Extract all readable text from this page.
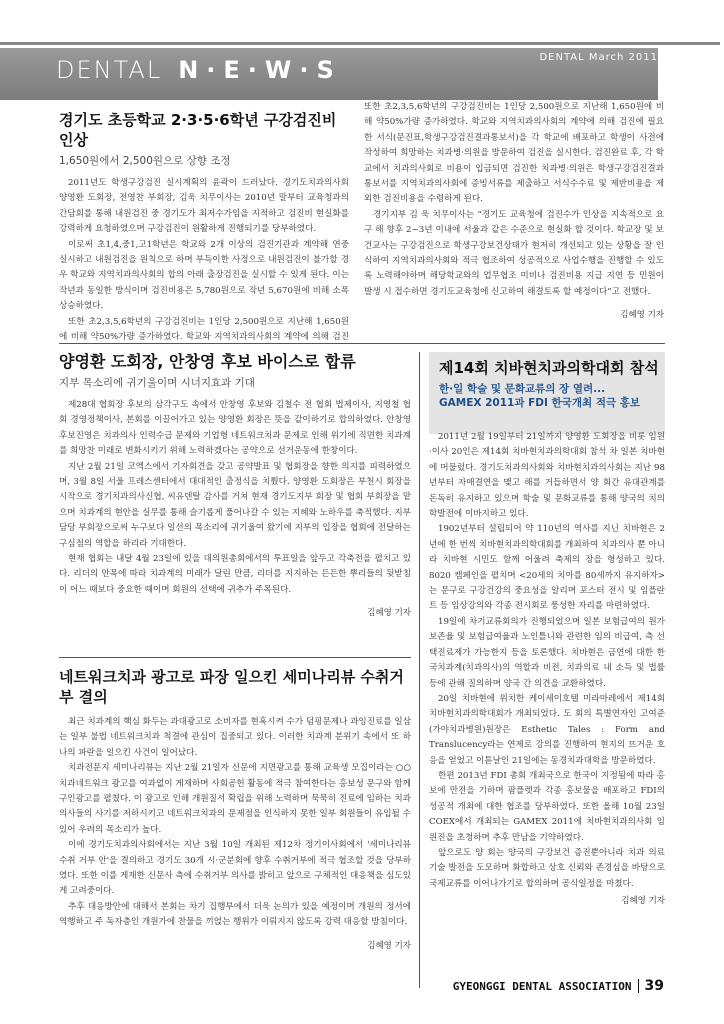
DENTAL March 2011
DENTAL N·E·W·S
경기도 초등학교 2·3·5·6학년 구강검진비 인상
1,650원에서 2,500원으로 상향 조정

2011년도 학생구강검진 실시계획의 윤곽이 드러났다. 경기도치과의사회 양영환 도회장, 전영찬 부회장, 김욱 치무이사는 2010년 말부터 교육청과의 간담회를 통해 내원검진 중 경기도가 최저수가임을 지적하고 검진비 현실화를 강력하게 요청하였으며 구강검진이 원활하게 진행되기를 당부하였다.

이로써 초1,4,중1,고1학년은 학교와 2개 이상의 검진기관과 계약해 연중 실시하고 내원검진을 원칙으로 하며 부득이한 사정으로 내원검진이 불가할 경우 학교와 지역치과의사회의 합의 아래 출장검진을 실시할 수 있게 된다. 이는 작년과 동일한 방식이며 검진비용은 5,780원으로 작년 5,670원에 비해 소폭 상승하였다.

또한 초2,3,5,6학년의 구강검진비는 1인당 2,500원으로 지난해 1,650원에 비해 약50%가량 증가하였다. 학교와 지역치과의사회의 계약에 의해 검진

또한 초2,3,5,6학년의 구강검진비는 1인당 2,500원으로 지난해 1,650원에 비해 약50%가량 증가하였다. 학교와 지역치과의사회의 계약에 의해 검진에 필요한 서식(문진표,학생구강검진결과통보서)을 각 학교에 배포하고 학생이 사전에 작성하여 희망하는 치과병·의원을 방문하여 검진을 실시한다. 검진완료 후, 각 학교에서 치과의사회로 비용이 입금되면 검진한 치과병·의원은 학생구강검진결과통보서를 지역치과의사회에 증빙서류를 제출하고 서식수수료 및 제반비용을 제외한 검진비용을 수령하게 된다.

경기지부 김 욱 치무이사는 “경기도 교육청에 검진수가 인상을 지속적으로 요구 해 향후 2~3년 이내에 서울과 같은 수준으로 현실화 할 것이다. 학교장 및 보건교사는 구강검진으로 학생구강보건상태가 현저히 개선되고 있는 상황을 잘 인식하여 지역치과의사회와 적극 협조하여 성공적으로 사업수행을 진행할 수 있도록 노력해야하며 해당학교와의 업무협조 미비나 검진비용 지급 지연 등 민원이 발생 시 접수하면 경기도교육청에 신고하여 해결토록 할 예정이다”고 전했다.

김혜영 기자
양영환 도회장, 안창영 후보 바이스로 합류
지부 목소리에 귀기울이며 시너지효과 기대

제28대 협회장 후보의 삼각구도 속에서 안창영 후보와 김철수 전 협회 법제이사, 지영철 협회 경영정책이사, 본회를 이끌어가고 있는 양영환 회장은 뜻을 같이하기로 합의하였다. 안창영 후보진영은 치과의사 인력수급 문제와 기업형 네트워크치과 문제로 인해 위기에 직면한 치과계를 희망찬 미래로 변화시키기 위해 노력하겠다는 공약으로 선거운동에 한창이다.

지난 2월 21일 코엑스에서 기자회견을 갖고 공약발표 및 협회장을 향한 의지를 피력하였으며, 3월 8일 서울 프레스센터에서 대대적인 출정식을 치뤘다. 양영환 도회장은 부천시 회장을 시작으로 경기치과의사신협, 씨유덴탈 감사를 거쳐 현재 경기도지부 회장 및 협회 부회장을 맡으며 치과계의 현안을 실무를 통해 슬기롭게 풀어나갈 수 있는 지혜와 노하우를 축적했다. 지부담당 부회장으로써 누구보다 일선의 목소리에 귀기울여 왔기에 지부의 입장을 협회에 전달하는 구심점의 역할을 하리라 기대한다.

현재 협회는 내달 4월 23일에 있을 대의원총회에서의 투표일을 앞두고 각축전을 펼치고 있다. 리더의 안목에 따라 치과계의 미래가 달린 만큼, 리더를 지지하는 든든한 뿌리들의 뒷받침이 어느 때보다 중요한 때이며 회원의 선택에 귀추가 주목된다.

김혜영 기자
네트워크치과 광고로 파장 일으킨 세미나리뷰 수취거부 결의

최근 치과계의 핵심 화두는 과대광고로 소비자를 현혹시켜 수가 덤핑문제나 과잉진료를 일삼는 일부 불법 네트워크치과 척결에 관심이 집중되고 있다. 이러한 치과계 분위기 속에서 또 하나의 파란을 일으킨 사건이 일어났다.

치과전문지 세미나리뷰는 지난 2월 21일자 신문에 지면광고를 통해 교육생 모집이라는 ○○치과네트워크 광고를 여과없이 게재하며 사회공헌 활동에 적극 참여한다는 홍보성 문구와 함께 구인광고를 펼쳤다. 이 광고로 인해 개원질서 확립을 위해 노력하며 묵묵히 진료에 임하는 치과의사들의 사기를 저하시키고 네트워크치과의 문제점을 인식하지 못한 일부 회원들이 유입될 수 있어 우려의 목소리가 높다.

이에 경기도치과의사회에서는 지난 3월 10일 개최된 제12차 정기이사회에서 '세미나리뷰 수취 거부 안'을 결의하고 경기도 30개 시·군분회에 향후 수취거부에 적극 협조할 것을 당부하였다. 또한 이를 게재한 신문사 측에 수취거부 의사를 밝히고 앞으로 구체적인 대응책을 심도있게 고려중이다.

추후 대응방안에 대해서 본회는 차기 집행부에서 더욱 논의가 있을 예정이며 개원의 정서에 역행하고 주 독자층인 개원가에 찬물을 끼얹는 행위가 이뤄지지 않도록 강력 대응할 방침이다.

김혜영 기자
제14회 치바현치과의학대회 참석
한·일 학술 및 문화교류의 장 열려...
GAMEX 2011과 FDI 한국개최 적극 홍보

2011년 2월 19일부터 21일까지 양영환 도회장을 비롯 임원·이사 20인은 제14회 치바현치과의학대회 참석 차 일본 치바현에 머물렀다. 경기도치과의사회와 치바현치과의사회는 지난 98년부터 자매결연을 맺고 해를 거듭하면서 양 회간 유대관계를 돈독히 유지하고 있으며 학술 및 문화교류를 통해 양국의 치의학발전에 이바지하고 있다.

1902년부터 설립되어 약 110년의 역사를 지닌 치바현은 2년에 한 번씩 치바현치과의학대회를 개최하여 치과의사 뿐 아니라 치바현 시민도 함께 어울려 축제의 장을 형성하고 있다. 8020 캠페인을 펼치며 <20세의 치아를 80세까지 유지하자>는 문구로 구강건강의 중요성을 알리며 포스터 전시 및 임플란트 등 임상강의와 각종 전시회로 풍성한 자리를 마련하였다.

19일에 차기교류회의가 진행되었으며 일본 보험급여의 원가보존율 및 보험급여율과 노인틀니와 관련한 임의 비급여, 측 선택진료제가 가능한지 등을 토론했다. 치바현은 금연에 대한 한국치과계(치과의사)의 역할과 비전, 치과의료 내 소득 및 법률 등에 관해 질의하며 양국 간 의견을 교환하였다.

20일 치바현에 위치한 케이세이호텔 미라마레에서 제14회 치바현치과의학대회가 개최되었다. 도 회의 특별연자인 고여준(가야치과병원)원장은 Esthetic Tales : Form and Translucency라는 연제로 강의를 진행하여 현지의 뜨거운 호응을 얻었고 이튿날인 21일에는 동경치과대학을 방문하였다.

한편 2013년 FDI 총회 개최국으로 한국이 지정됨에 따라 홍보에 만전을 기하며 팜플렛과 각종 홍보물을 배포하고 FDI의 성공적 개최에 대한 협조를 당부하였다. 또한 올해 10월 23일 COEX에서 개최되는 GAMEX 2011에 치바현치과의사회 임원진을 초청하며 추후 만남을 기약하였다.

앞으로도 양 회는 양국의 구강보건 증진뿐아니라 치과 의료 기술 발전을 도모하며 화합하고 상호 신뢰와 존경심을 바탕으로 국제교류를 이어나가기로 합의하며 공식일정을 마쳤다.

김혜영 기자
GYEONGGI DENTAL ASSOCIATION 39
